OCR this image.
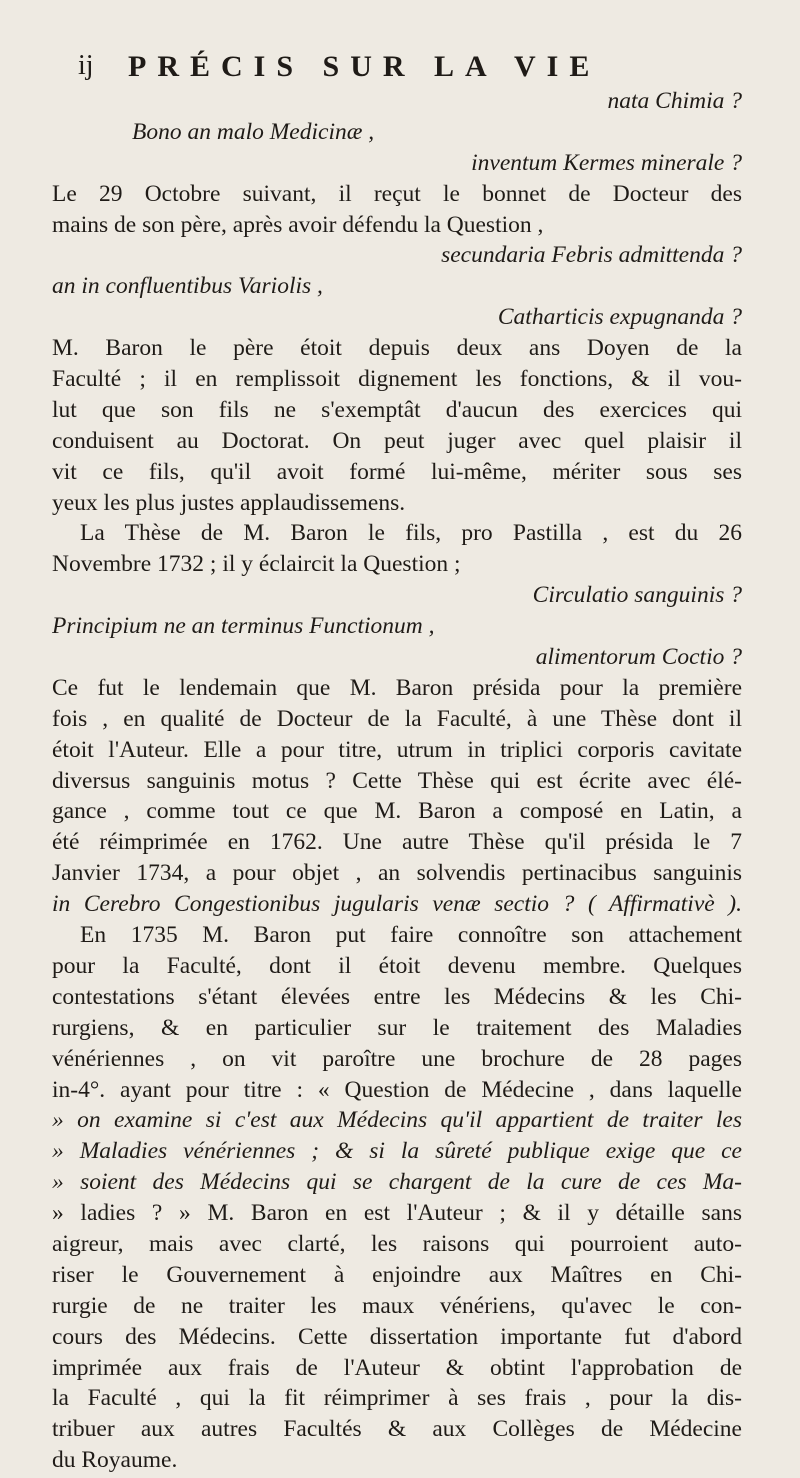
ij PRÉCIS SUR LA VIE
nata Chimia ?
Bono an malo Medicinæ ,
inventum Kermes minerale ?
Le 29 Octobre suivant, il reçut le bonnet de Docteur des
mains de son père, après avoir défendu la Question ,
secundaria Febris admittenda ?
an in confluentibus Variolis ,
Catharticis expugnanda ?
M. Baron le père étoit depuis deux ans Doyen de la
Faculté ; il en remplissoit dignement les fonctions, & il vou-
lut que son fils ne s'exemptât d'aucun des exercices qui
conduisent au Doctorat. On peut juger avec quel plaisir il
vit ce fils, qu'il avoit formé lui-même, mériter sous ses
yeux les plus justes applaudissemens.
La Thèse de M. Baron le fils, pro Pastilla , est du 26
Novembre 1732 ; il y éclaircit la Question ;
Circulatio sanguinis ?
Principium ne an terminus Functionum ,
alimentorum Coctio ?
Ce fut le lendemain que M. Baron présida pour la première
fois , en qualité de Docteur de la Faculté, à une Thèse dont il
étoit l'Auteur. Elle a pour titre, utrum in triplici corporis cavitate
diversus sanguinis motus ? Cette Thèse qui est écrite avec élé-
gance , comme tout ce que M. Baron a composé en Latin, a
été réimprimée en 1762. Une autre Thèse qu'il présida le 7
Janvier 1734, a pour objet , an solvendis pertinacibus sanguinis
in Cerebro Congestionibus jugularis venæ sectio ? ( Affirmativè ).
En 1735 M. Baron put faire connoître son attachement
pour la Faculté, dont il étoit devenu membre. Quelques
contestations s'étant élevées entre les Médecins & les Chi-
rurgiens, & en particulier sur le traitement des Maladies
vénériennes , on vit paroître une brochure de 28 pages
in-4°. ayant pour titre : « Question de Médecine , dans laquelle
» on examine si c'est aux Médecins qu'il appartient de traiter les
» Maladies vénériennes ; & si la sûreté publique exige que ce
» soient des Médecins qui se chargent de la cure de ces Ma-
» ladies ? » M. Baron en est l'Auteur ; & il y détaille sans
aigreur, mais avec clarté, les raisons qui pourroient auto-
riser le Gouvernement à enjoindre aux Maîtres en Chi-
rurgie de ne traiter les maux vénériens, qu'avec le con-
cours des Médecins. Cette dissertation importante fut d'abord
imprimée aux frais de l'Auteur & obtint l'approbation de
la Faculté , qui la fit réimprimer à ses frais , pour la dis-
tribuer aux autres Facultés & aux Collèges de Médecine
du Royaume.
